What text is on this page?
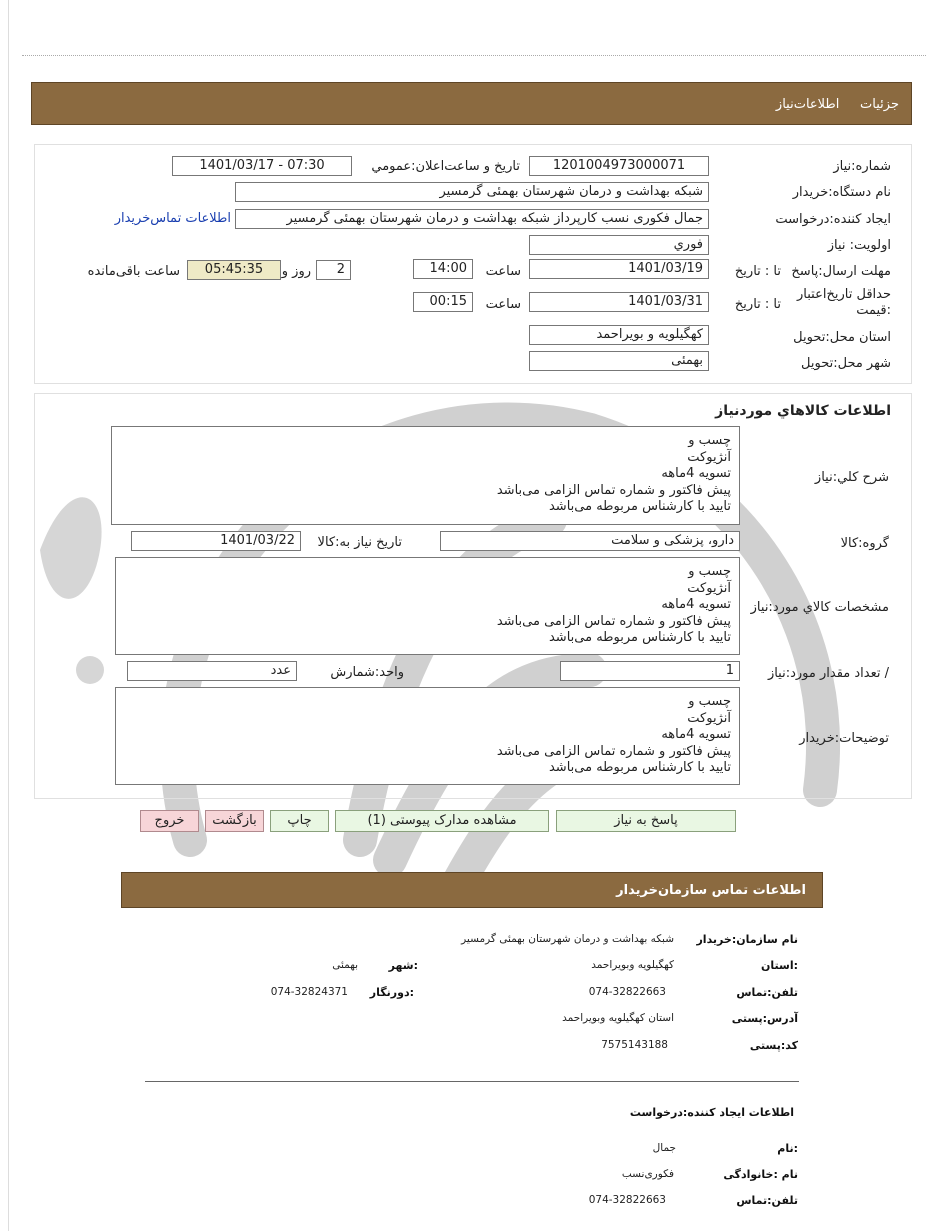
جزئیات     اطلاعات‌نیاز
شماره:نیاز
1201004973000071
تاریخ و ساعت‌اعلان:عمومي
1401/03/17 - 07:30
نام دستگاه:خریدار
شبکه بهداشت و درمان شهرستان بهمئی گرمسیر
ایجاد کننده:درخواست
جمال فکوری نسب کارپرداز شبکه بهداشت و درمان شهرستان بهمئی گرمسیر
اطلاعات تماس‌خریدار
اولویت: نیاز
فوري
مهلت ارسال:پاسخ
تا : تاریخ
1401/03/19
ساعت
14:00
2
روز و
05:45:35
ساعت باقی‌مانده
حداقل تاریخ‌اعتبار :قیمت
تا : تاریخ
1401/03/31
ساعت
00:15
استان محل:تحویل
کهگیلویه و بویراحمد
شهر محل:تحویل
بهمئی
اطلاعات کالاهاي موردنياز
شرح کلي:نياز
چسب و
آنژیوکت
تسویه 4ماهه
پیش فاکتور و شماره تماس الزامی می‌باشد
تایید با کارشناس مربوطه می‌باشد
گروه:کالا
دارو، پزشکی و سلامت
تاریخ نیاز به:کالا
1401/03/22
مشخصات کالاي مورد:نياز
چسب و
آنژیوکت
تسویه 4ماهه
پیش فاکتور و شماره تماس الزامی می‌باشد
تایید با کارشناس مربوطه می‌باشد
/ تعداد مقدار مورد:نیاز
1
واحد:شمارش
عدد
توضیحات:خریدار
چسب و
آنژیوکت
تسویه 4ماهه
پیش فاکتور و شماره تماس الزامی می‌باشد
تایید با کارشناس مربوطه می‌باشد
پاسخ به نیاز
مشاهده مدارک پیوستی (1)
چاپ
بازگشت
خروج
اطلاعات تماس سازمان‌خریدار
نام سازمان:خریدار
شبکه بهداشت و درمان شهرستان بهمئی گرمسیر
:استان
کهگیلویه وبویراحمد
:شهر
بهمئی
تلفن:تماس
074-32822663
:دورنگار
074-32824371
آدرس:پستی
استان کهگیلویه وبویراحمد
کد:پستی
7575143188
اطلاعات ایجاد کننده:درخواست
:نام
جمال
نام :خانوادگی
فکوری‌نسب
تلفن:تماس
074-32822663
